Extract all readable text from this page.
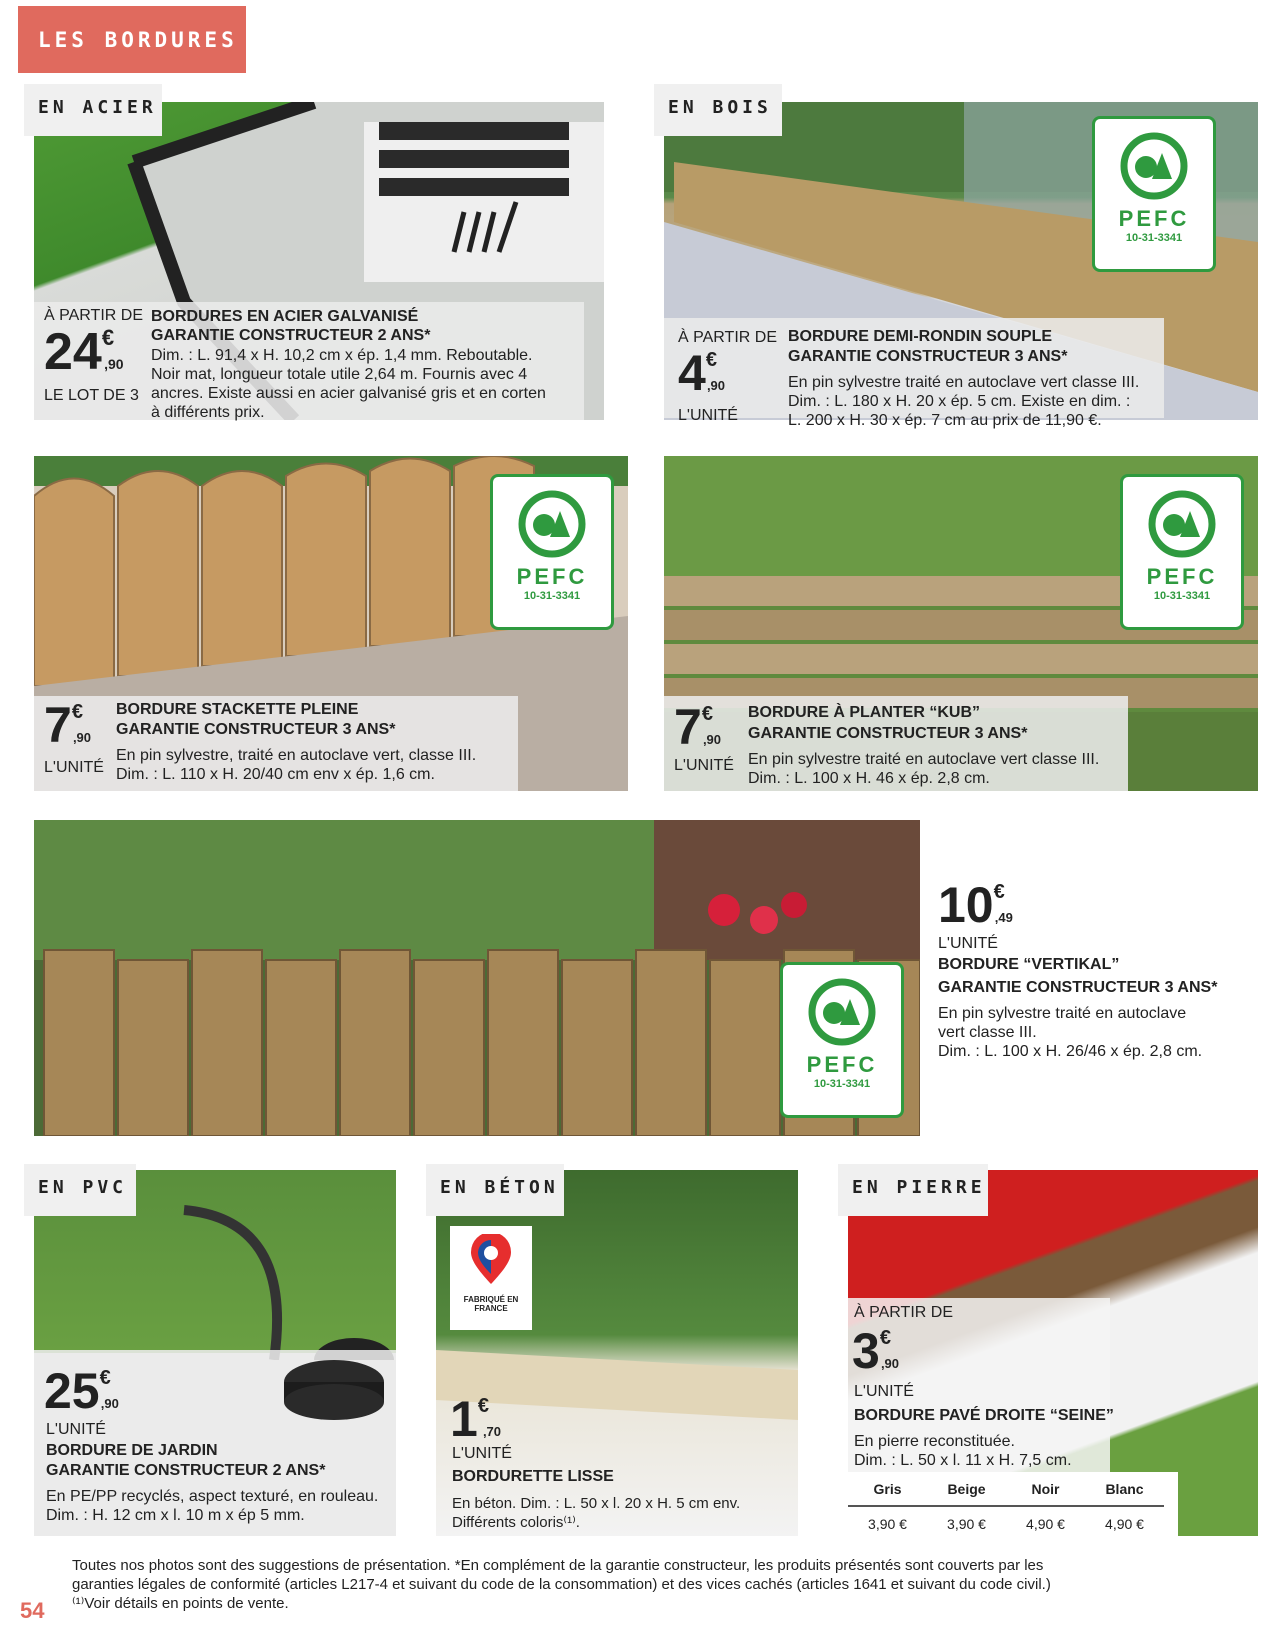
LES BORDURES
EN ACIER
À PARTIR DE
24€,90
LE LOT DE 3
BORDURES EN ACIER GALVANISÉ
GARANTIE CONSTRUCTEUR 2 ANS*
Dim. : L. 91,4 x H. 10,2 cm x ép. 1,4 mm. Reboutable.
Noir mat, longueur totale utile 2,64 m. Fournis avec 4
ancres. Existe aussi en acier galvanisé gris et en corten
à différents prix.
EN BOIS
PEFC
10-31-3341
À PARTIR DE
4€,90
L'UNITÉ
BORDURE DEMI-RONDIN SOUPLE
GARANTIE CONSTRUCTEUR 3 ANS*
En pin sylvestre traité en autoclave vert classe III.
Dim. : L. 180 x H. 20 x ép. 5 cm. Existe en dim. :
L. 200 x H. 30 x ép. 7 cm au prix de 11,90 €.
PEFC
10-31-3341
7€,90
L'UNITÉ
BORDURE STACKETTE PLEINE
GARANTIE CONSTRUCTEUR 3 ANS*
En pin sylvestre, traité en autoclave vert, classe III.
Dim. : L. 110 x H. 20/40 cm env x ép. 1,6 cm.
PEFC
10-31-3341
7€,90
L'UNITÉ
BORDURE À PLANTER “KUB”
GARANTIE CONSTRUCTEUR 3 ANS*
En pin sylvestre traité en autoclave vert classe III.
Dim. : L. 100 x H. 46 x ép. 2,8 cm.
PEFC
10-31-3341
10€,49
L'UNITÉ
BORDURE “VERTIKAL”
GARANTIE CONSTRUCTEUR 3 ANS*
En pin sylvestre traité en autoclave
vert classe III.
Dim. : L. 100 x H. 26/46 x ép. 2,8 cm.
EN PVC
25€,90
L'UNITÉ
BORDURE DE JARDIN
GARANTIE CONSTRUCTEUR 2 ANS*
En PE/PP recyclés, aspect texturé, en rouleau.
Dim. : H. 12 cm x l. 10 m x ép 5 mm.
EN BÉTON
FABRIQUÉ EN FRANCE
1€,70
L'UNITÉ
BORDURETTE LISSE
En béton. Dim. : L. 50 x l. 20 x H. 5 cm env.
Différents coloris⁽¹⁾.
EN PIERRE
À PARTIR DE
3€,90
L'UNITÉ
BORDURE PAVÉ DROITE “SEINE”
En pierre reconstituée.
Dim. : L. 50 x l. 11 x H. 7,5 cm.
Gris	Beige	Noir	Blanc
3,90 €	3,90 €	4,90 €	4,90 €
54
Toutes nos photos sont des suggestions de présentation. *En complément de la garantie constructeur, les produits présentés sont couverts par les
garanties légales de conformité (articles L217-4 et suivant du code de la consommation) et des vices cachés (articles 1641 et suivant du code civil.)
⁽¹⁾Voir détails en points de vente.
